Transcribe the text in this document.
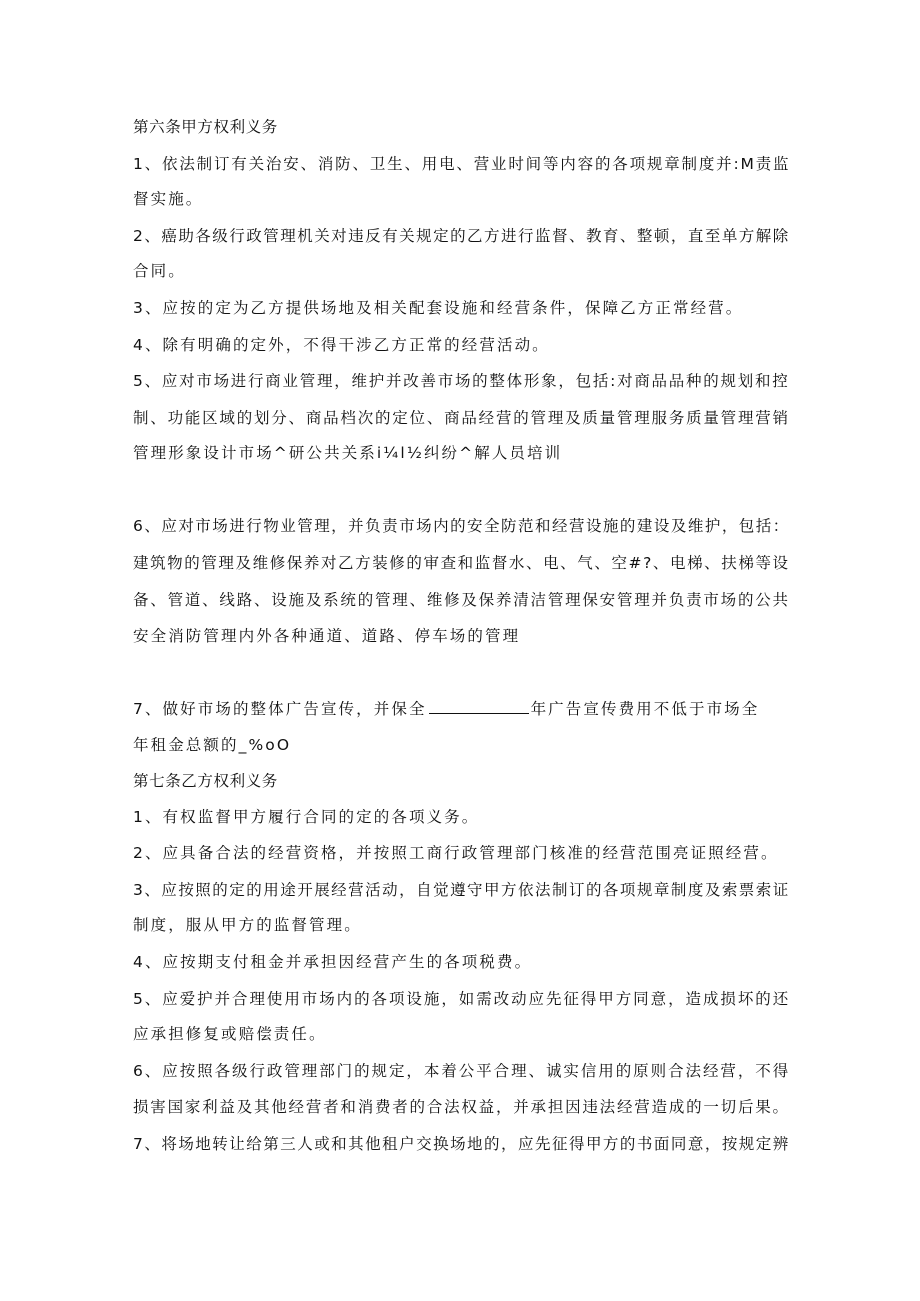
第六条甲方权利义务
1、依法制订有关治安、消防、卫生、用电、营业时间等内容的各项规章制度并:M责监
督实施。
2、癌助各级行政管理机关对违反有关规定的乙方进行监督、教育、整顿，直至单方解除
合同。
3、应按的定为乙方提供场地及相关配套设施和经营条件，保障乙方正常经营。
4、除有明确的定外，不得干涉乙方正常的经营活动。
5、应对市场进行商业管理，维护并改善市场的整体形象，包括:对商品品种的规划和控
制、功能区域的划分、商品档次的定位、商品经营的管理及质量管理服务质量管理营销
管理形象设计市场^研公共关系i¼l½纠纷^解人员培训
6、应对市场进行物业管理，并负责市场内的安全防范和经营设施的建设及维护，包括：
建筑物的管理及维修保养对乙方装修的审查和监督水、电、气、空#?、电梯、扶梯等设
备、管道、线路、设施及系统的管理、维修及保养清洁管理保安管理并负责市场的公共
安全消防管理内外各种通道、道路、停车场的管理
7、做好市场的整体广告宣传，并保全	年广告宣传费用不低于市场全
年租金总额的_%oO
第七条乙方权利义务
1、有权监督甲方履行合同的定的各项义务。
2、应具备合法的经营资格，并按照工商行政管理部门核准的经营范围亮证照经营。
3、应按照的定的用途开展经营活动，自觉遵守甲方依法制订的各项规章制度及索票索证
制度，服从甲方的监督管理。
4、应按期支付租金并承担因经营产生的各项税费。
5、应爱护并合理使用市场内的各项设施，如需改动应先征得甲方同意，造成损坏的还
应承担修复或赔偿责任。
6、应按照各级行政管理部门的规定，本着公平合理、诚实信用的原则合法经营，不得
损害国家利益及其他经营者和消费者的合法权益，并承担因违法经营造成的一切后果。
7、将场地转让给第三人或和其他租户交换场地的，应先征得甲方的书面同意，按规定辨
